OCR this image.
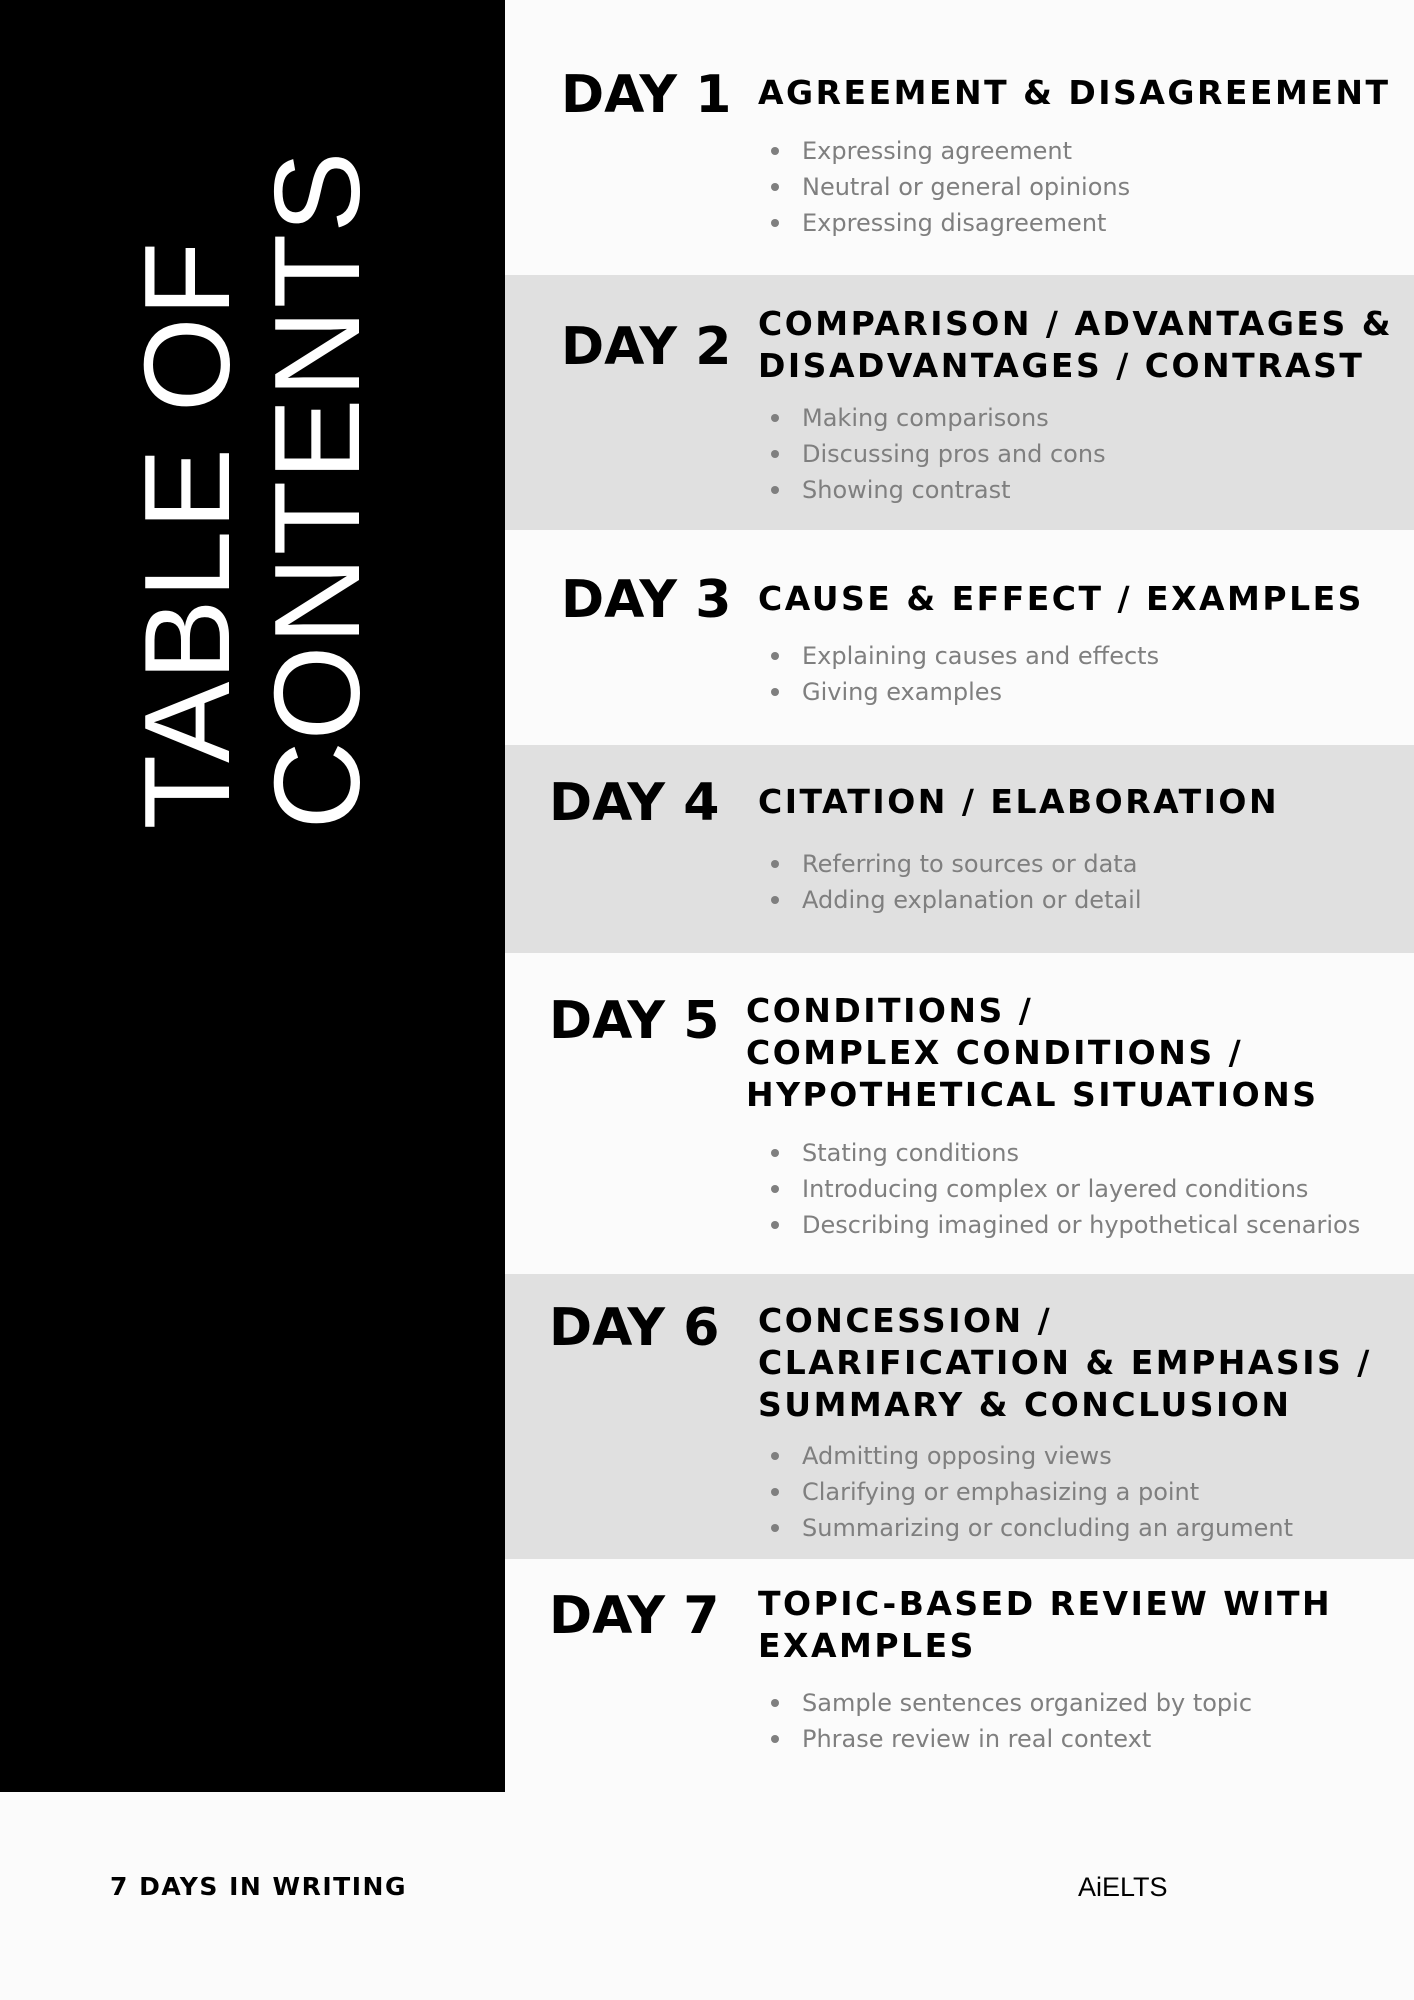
TABLE OF
CONTENTS
DAY 1 AGREEMENT & DISAGREEMENT
Expressing agreement
Neutral or general opinions
Expressing disagreement
DAY 2 COMPARISON / ADVANTAGES &
DISADVANTAGES / CONTRAST
Making comparisons
Discussing pros and cons
Showing contrast
DAY 3 CAUSE & EFFECT / EXAMPLES
Explaining causes and effects
Giving examples
DAY 4 CITATION / ELABORATION
Referring to sources or data
Adding explanation or detail
DAY 5 CONDITIONS /
COMPLEX CONDITIONS /
HYPOTHETICAL SITUATIONS
Stating conditions
Introducing complex or layered conditions
Describing imagined or hypothetical scenarios
DAY 6 CONCESSION /
CLARIFICATION & EMPHASIS /
SUMMARY & CONCLUSION
Admitting opposing views
Clarifying or emphasizing a point
Summarizing or concluding an argument
DAY 7 TOPIC-BASED REVIEW WITH
EXAMPLES
Sample sentences organized by topic
Phrase review in real context
7 DAYS IN WRITING	AiELTS
